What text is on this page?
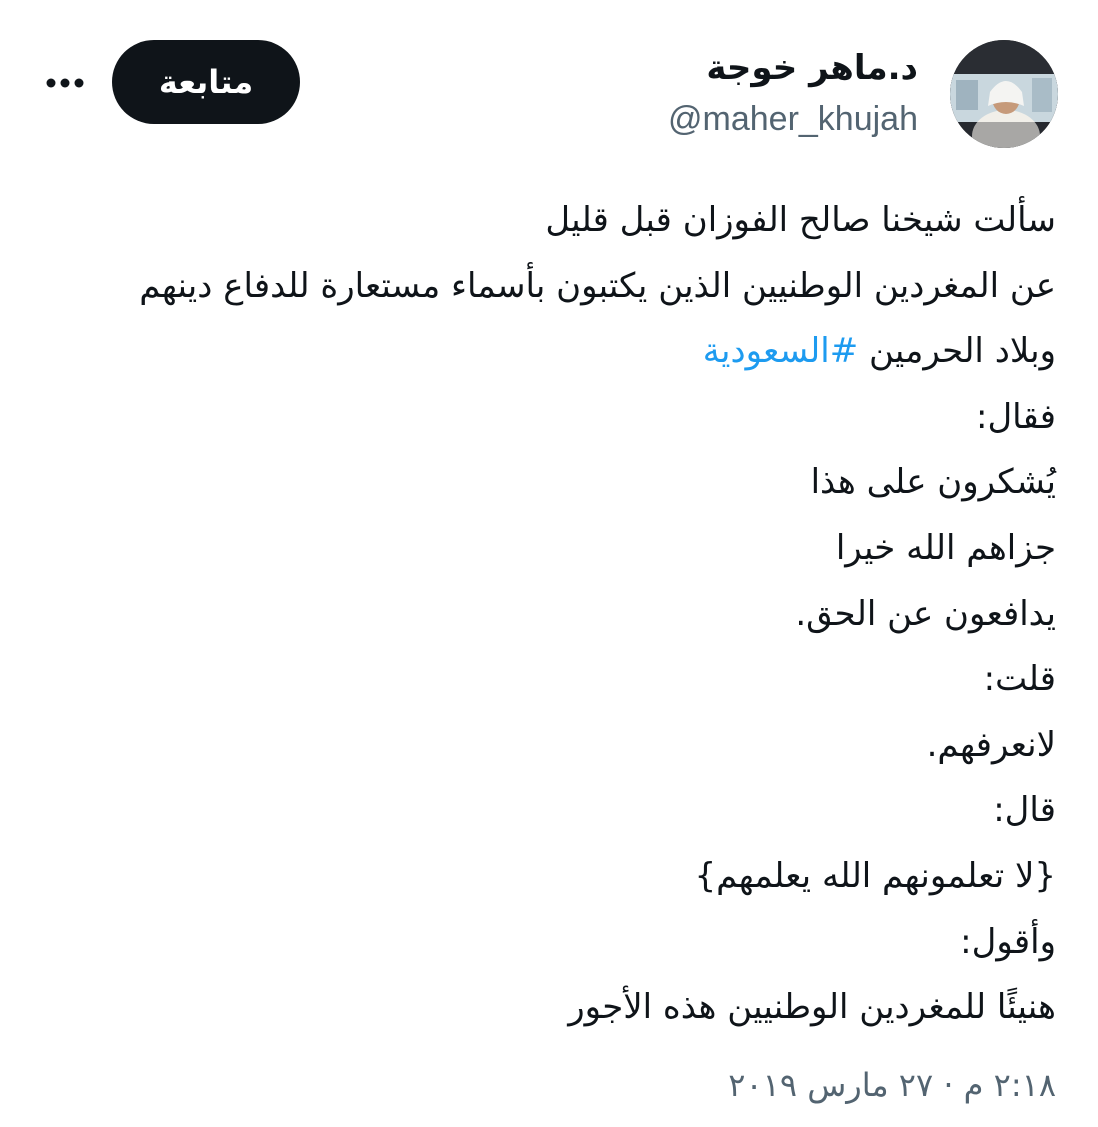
د.ماهر خوجة
@maher_khujah
متابعة
سألت شيخنا صالح الفوزان قبل قليل
عن المغردين الوطنيين الذين يكتبون بأسماء مستعارة للدفاع دينهم
وبلاد الحرمين #السعودية
فقال:
يُشكرون على هذا
جزاهم الله خيرا
يدافعون عن الحق.
قلت:
لانعرفهم.
قال:
{لا تعلمونهم الله يعلمهم}
وأقول:
هنيئًا للمغردين الوطنيين هذه الأجور
٢:١٨ م · ٢٧ مارس ٢٠١٩
